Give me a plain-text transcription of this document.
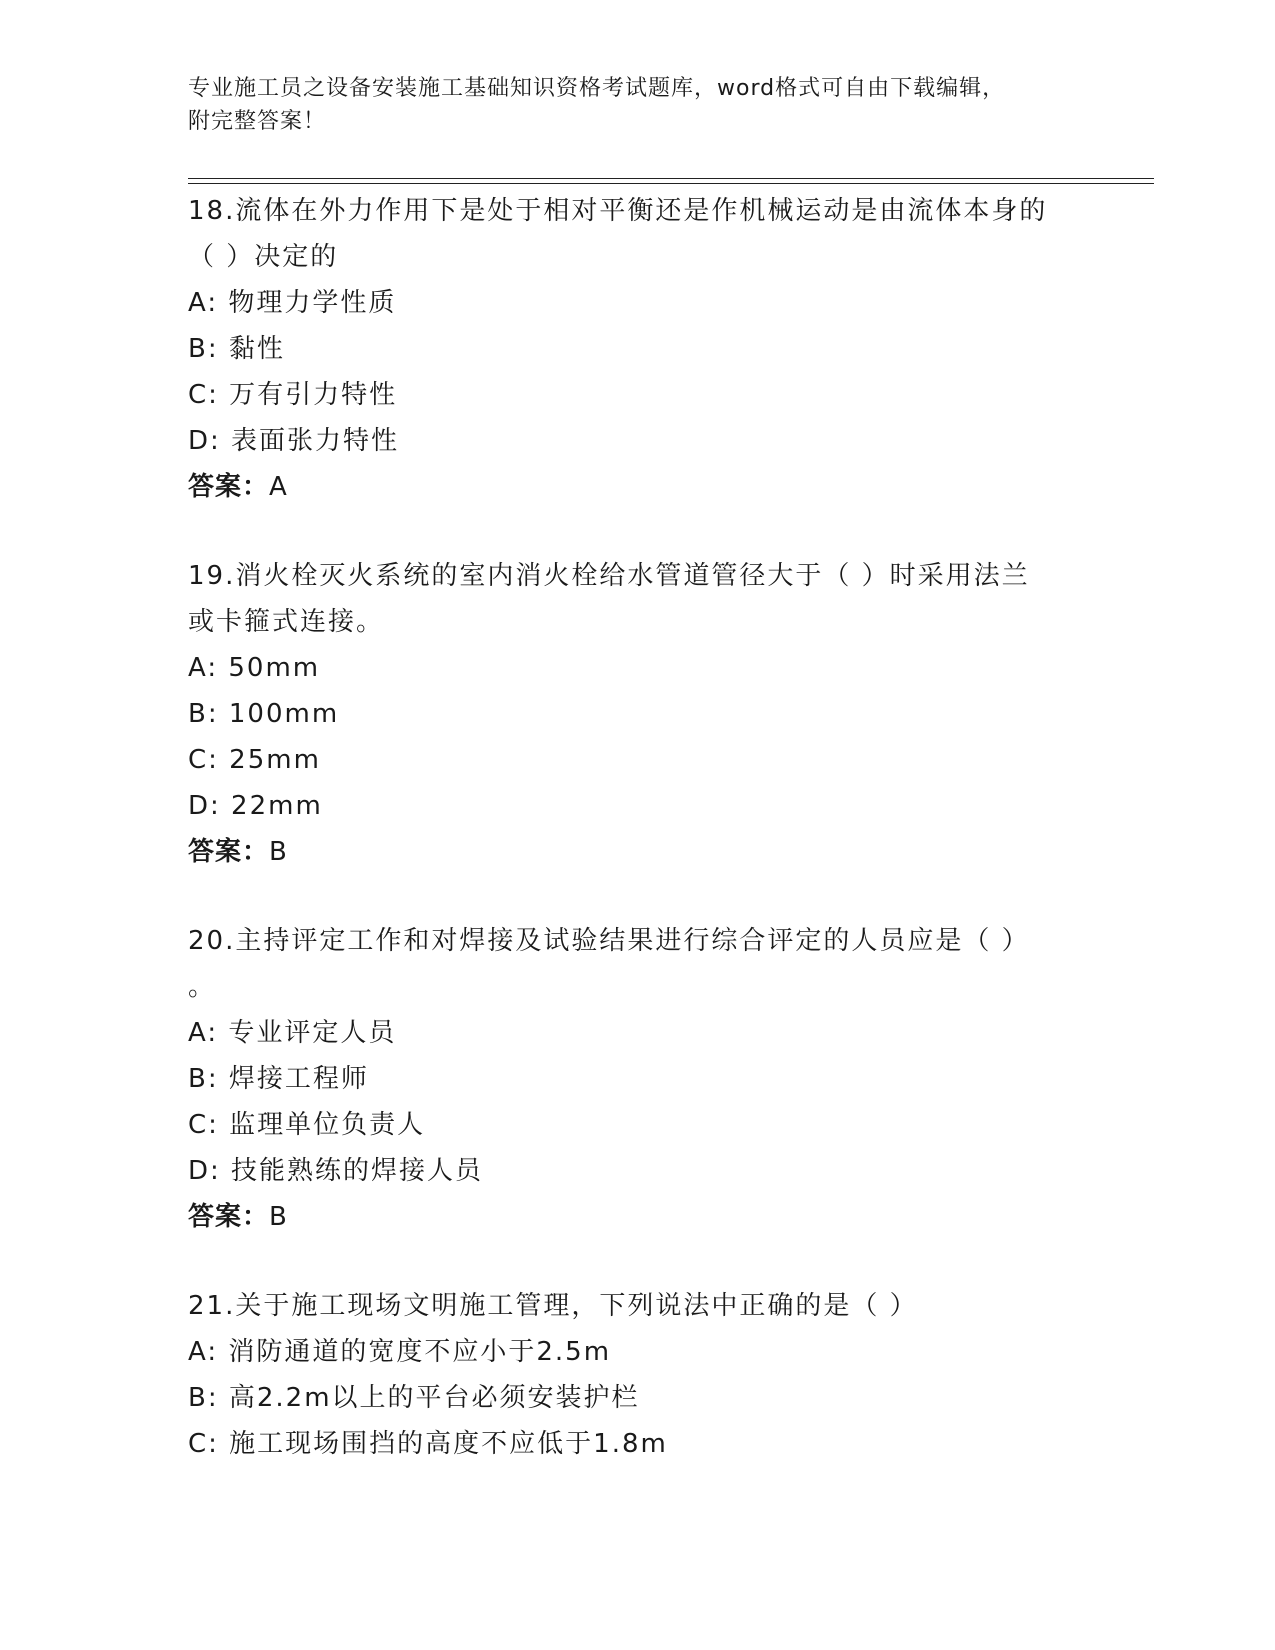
专业施工员之设备安装施工基础知识资格考试题库，word格式可自由下载编辑，

附完整答案！

18.流体在外力作用下是处于相对平衡还是作机械运动是由流体本身的
（ ）决定的
A: 物理力学性质
B: 黏性
C: 万有引力特性
D: 表面张力特性
答案：A
19.消火栓灭火系统的室内消火栓给水管道管径大于（ ）时采用法兰
或卡箍式连接。
A: 50mm
B: 100mm
C: 25mm
D: 22mm
答案：B
20.主持评定工作和对焊接及试验结果进行综合评定的人员应是（ ）
。
A: 专业评定人员
B: 焊接工程师
C: 监理单位负责人
D: 技能熟练的焊接人员
答案：B
21.关于施工现场文明施工管理，下列说法中正确的是（ ）
A: 消防通道的宽度不应小于2.5m
B: 高2.2m以上的平台必须安装护栏
C: 施工现场围挡的高度不应低于1.8m
